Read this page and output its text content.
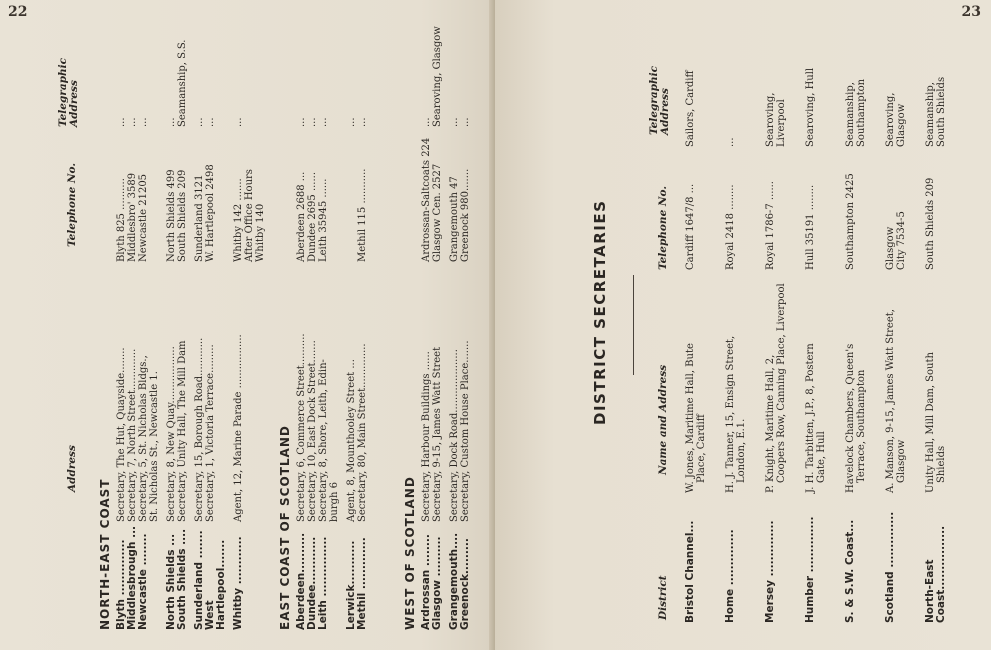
22
Address
Telephone No.
Telegraphic Address
NORTH-EAST COAST Blyth ..............
Secretary, The Hut, Quayside........
Blyth 825 ..........
...
Middlesbrough ...
Secretary, 7, North Street.............
Middlesbro' 3589
...
Newcastle ........
Secretary, 5, St. Nicholas Bldgs.,
Newcastle 21205
...
St. Nicholas St., Newcastle 1.
North Shields ...
Secretary, 8, New Quay..................
North Shields 499
...
South Shields ....
Secretary, Unity Hall, The Mill Dam
South Shields 209
Seamanship, S.S.
Sunderland .......
Secretary, 15, Borough Road............
Sunderland 3121
...
West
Secretary, 1, Victoria Terrace.........
W. Hartlepool 2498
...
Hartlepool....... Whitby ............
Agent, 12, Marine Parade .................
Whitby 142 .......
...
After Office Hours Whitby 140
EAST COAST OF SCOTLAND Aberdeen..........
Secretary, 6, Commerce Street..........
Aberdeen 2688 ...
...
Dundee............
Secretary, 10, East Dock Street.......
Dundee 2695 ......
...
Leith ...............
Secretary, 8, Shore, Leith, Edin-
Leith 35945 ......
...
burgh 6
Lerwick...........
Agent, 8, Mounthooley Street ...
...
Methil .............
Secretary, 80, Main Street..............
Methil 115 ...........
...
WEST OF SCOTLAND Ardrossan ........
Secretary, Harbour Buildings ......
Ardrossan-Saltcoats 224
...
Glasgow ..........
Secretary, 9-15, James Watt Street
Glasgow Cen. 2527
Searoving, Glasgow
Grangemouth....
Secretary, Dock Road....................
Grangemouth 47
...
Greenock.........
Secretary, Custom House Place.......
Greenock 980.......
...
23
DISTRICT SECRETARIES
District
Name and Address
Telephone No.
Telegraphic Address
Bristol Channel...
W. Jones, Maritime Hall, Bute Place, Cardiff
Cardiff 1647/8 ...
Sailors, Cardiff
Home ..............
H. J. Tanner, 15, Ensign Street, London, E.1.
Royal 2418 ........
...
Mersey ..............
P. Knight, Maritime Hall, 2, Coopers Row, Canning Place, Liverpool
Royal 1786-7 ......
Searoving, Liverpool
Humber ..............
J. H. Tarbitten, J.P., 8, Postern Gate, Hull
Hull 35191 ........
Searoving, Hull
S. & S.W. Coast...
Havelock Chambers, Queen's Terrace, Southampton
Southampton 2425
Seamanship, Southampton
Scotland ..............
A. Manson, 9-15, James Watt Street, Glasgow
Glasgow City 7534-5
Searoving, Glasgow
North-East Coast................
Unity Hall, Mill Dam, South Shields
South Shields 209
Seamanship, South Shields
